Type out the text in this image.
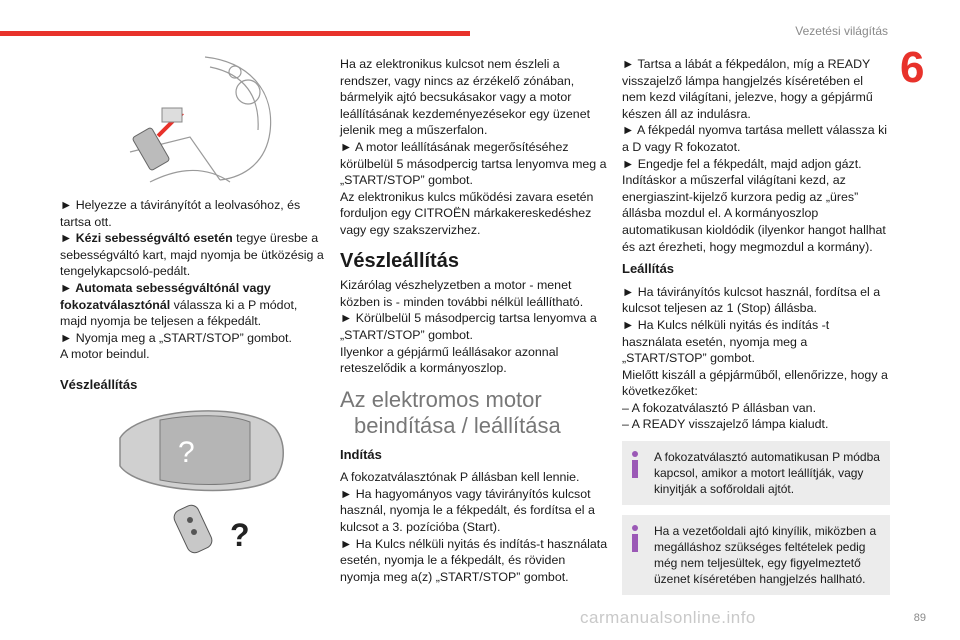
Vezetési világítás
6

► Helyezze a távirányítót a leolvasóhoz, és tartsa ott.

► Kézi sebességváltó esetén tegye üresbe a sebességváltó kart, majd nyomja be ütközésig a tengelykapcsoló-pedált.

► Automata sebességváltónál vagy fokozatválasztónál válassza ki a P módot, majd nyomja be teljesen a fékpedált.

► Nyomja meg a „START/STOP” gombot.

A motor beindul.

Vészleállítás
?
?

Ha az elektronikus kulcsot nem észleli a rendszer, vagy nincs az érzékelő zónában, bármelyik ajtó becsukásakor vagy a motor leállításának kezdeményezésekor egy üzenet jelenik meg a műszerfalon.

► A motor leállításának megerősítéséhez körülbelül 5 másodpercig tartsa lenyomva meg a „START/STOP” gombot.

Az elektronikus kulcs működési zavara esetén forduljon egy CITROËN márkakereskedéshez vagy egy szakszervizhez.

Vészleállítás

Kizárólag vészhelyzetben a motor - menet közben is - minden további nélkül leállítható.

► Körülbelül 5 másodpercig tartsa lenyomva a „START/STOP” gombot.

Ilyenkor a gépjármű leállásakor azonnal reteszelődik a kormányoszlop.

Az elektromos motor
beindítása / leállítása
Indítás

A fokozatválasztónak P állásban kell lennie.

► Ha hagyományos vagy távirányítós kulcsot használ, nyomja le a fékpedált, és fordítsa el a kulcsot a 3. pozícióba (Start).

► Ha Kulcs nélküli nyitás és indítás-t használata esetén, nyomja le a fékpedált, és röviden nyomja meg a(z) „START/STOP” gombot.

► Tartsa a lábát a fékpedálon, míg a READY visszajelző lámpa hangjelzés kíséretében el nem kezd világítani, jelezve, hogy a gépjármű készen áll az indulásra.

► A fékpedál nyomva tartása mellett válassza ki a D vagy R fokozatot.

► Engedje fel a fékpedált, majd adjon gázt.

Indításkor a műszerfal világítani kezd, az energiaszint-kijelző kurzora pedig az „üres” állásba mozdul el. A kormányoszlop automatikusan kioldódik (ilyenkor hangot hallhat és azt érezheti, hogy megmozdul a kormány).

Leállítás

► Ha távirányítós kulcsot használ, fordítsa el a kulcsot teljesen az 1 (Stop) állásba.

► Ha Kulcs nélküli nyitás és indítás -t használata esetén, nyomja meg a „START/STOP” gombot.

Mielőtt kiszáll a gépjárműből, ellenőrizze, hogy a következőket:

– A fokozatválasztó P állásban van.

– A READY visszajelző lámpa kialudt.

A fokozatválasztó automatikusan P módba kapcsol, amikor a motort leállítják, vagy kinyitják a sofőroldali ajtót.
Ha a vezetőoldali ajtó kinyílik, miközben a megálláshoz szükséges feltételek pedig még nem teljesültek, egy figyelmeztető üzenet kíséretében hangjelzés hallható.
carmanualsonline.info	89
